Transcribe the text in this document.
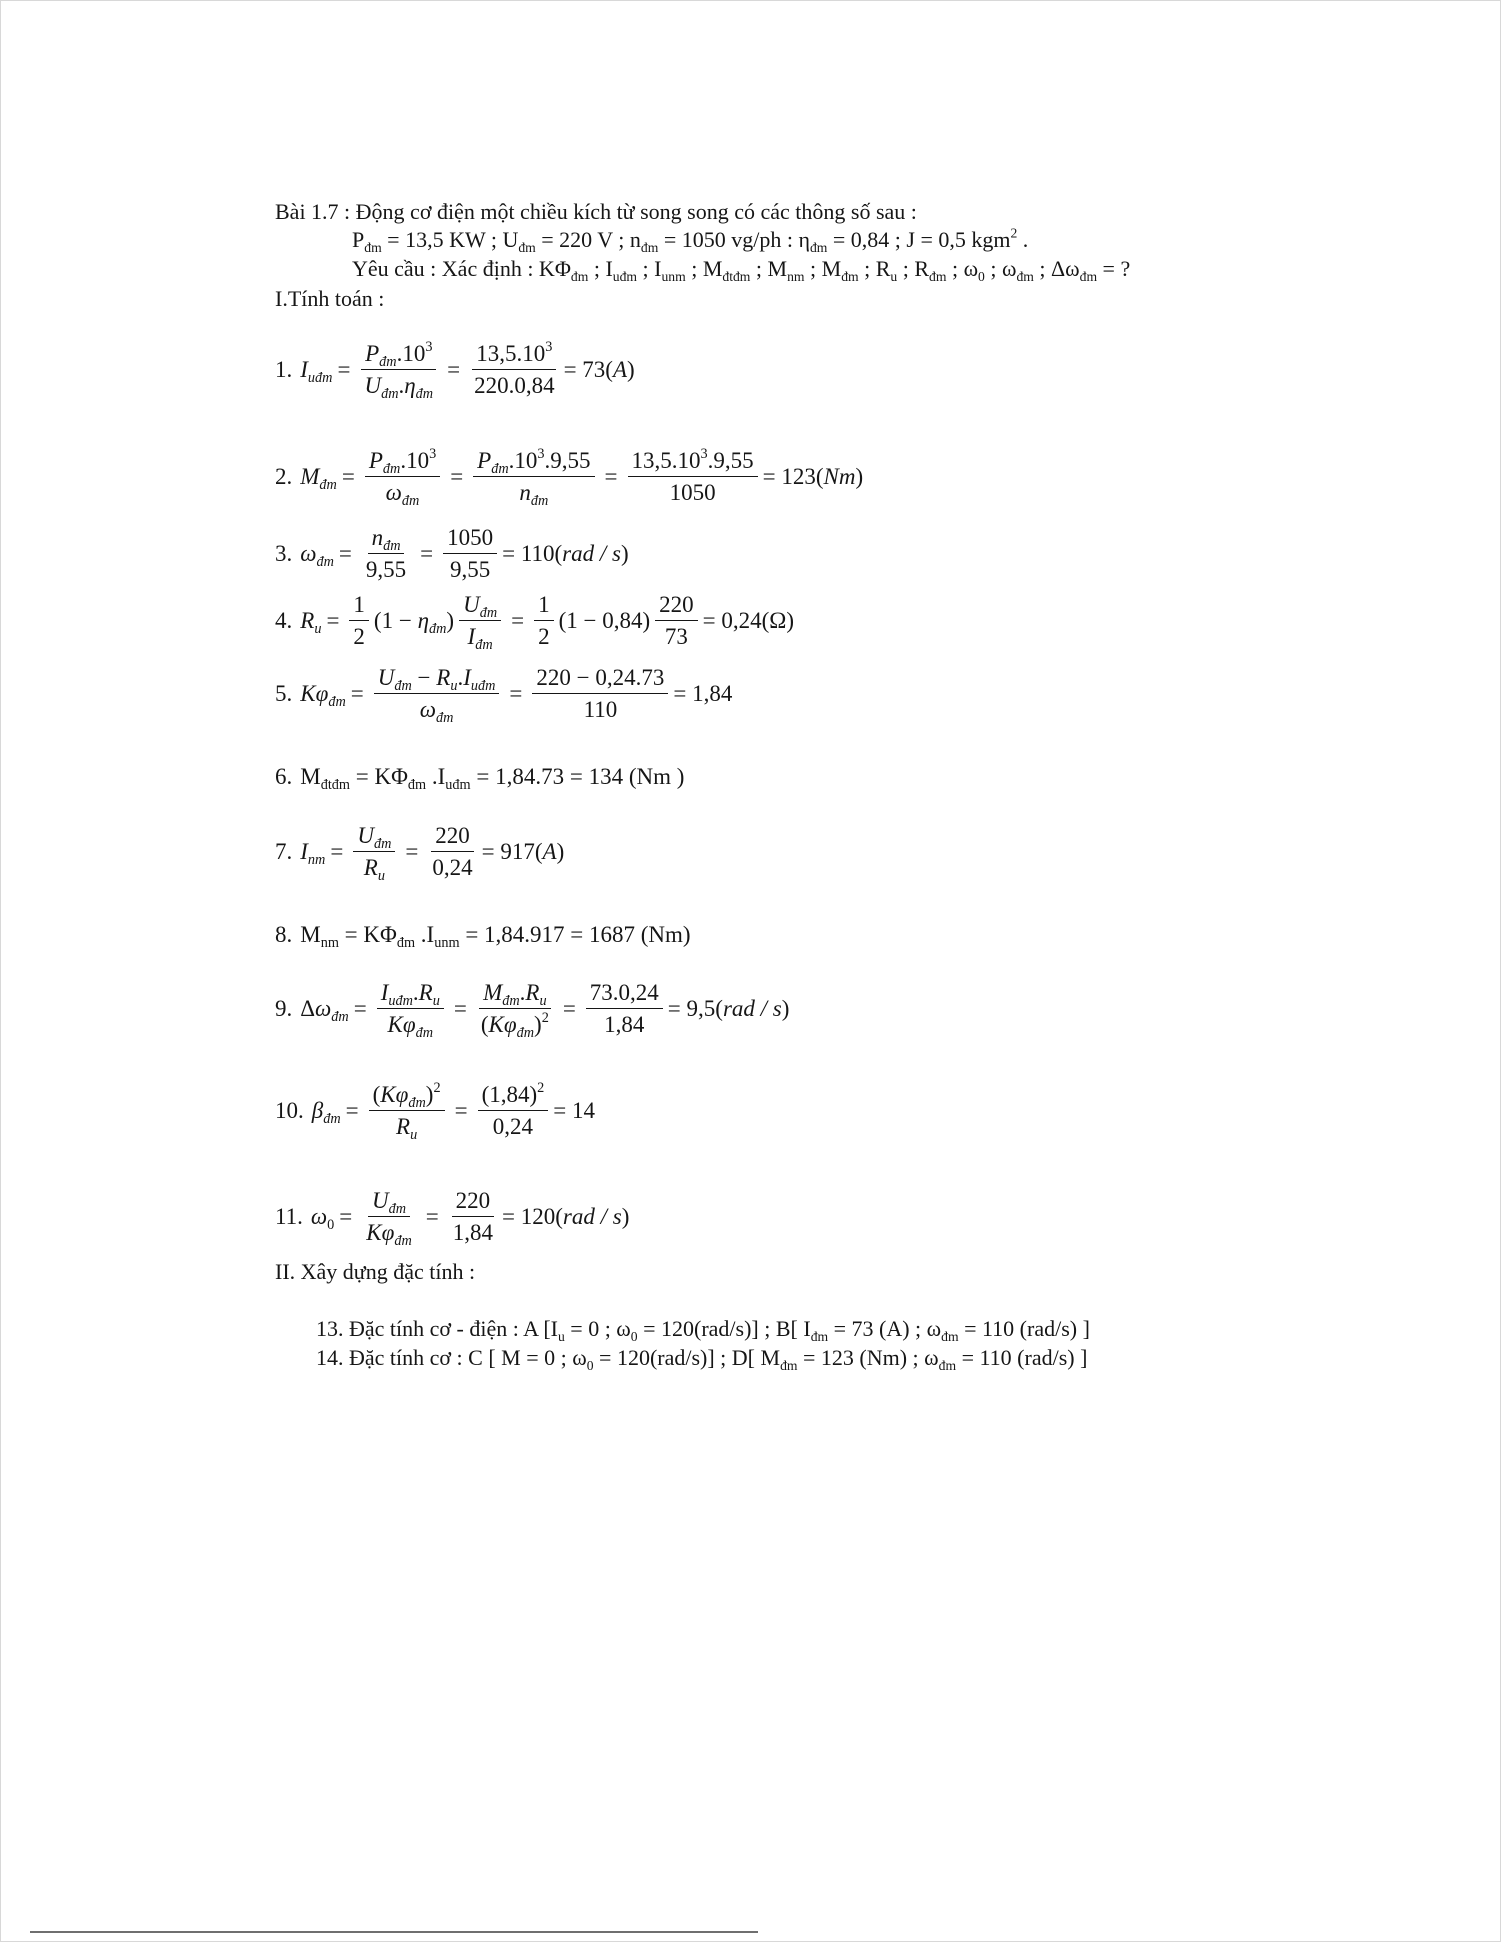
Bài 1.7 : Động cơ điện một chiều kích từ song song có các thông số sau :
$P_{đm} = 13,5$ KW ; $U_{đm} = 220$ V ; $n_{đm} = 1050$ vg/ph : $\eta_{đm} = 0,84$ ; J = 0,5 kgm$^2$ .
Yêu cầu : Xác định : $K\Phi_{đm}$ ; $I_{uđm}$ ; $I_{unm}$ ; $M_{đtđm}$ ; $M_{nm}$ ; $M_{đm}$ ; $R_u$ ; $R_{đm}$ ; $\omega_0$ ; $\omega_{đm}$ ; $\Delta\omega_{đm}$ = ?
I.Tính toán :
1. $I_{uđm} = \frac{P_{đm}.10^3}{U_{đm}.\eta_{đm}} = \frac{13,5.10^3}{220.0,84} = 73(A)$
2. $M_{đm} = \frac{P_{đm}.10^3}{\omega_{đm}} = \frac{P_{đm}.10^3.9,55}{n_{đm}} = \frac{13,5.10^3.9,55}{1050} = 123(Nm)$
3. $\omega_{đm} = \frac{n_{đm}}{9,55} = \frac{1050}{9,55} = 110(rad / s)$
4. $R_u = \frac{1}{2} (1 - \eta_{đm}) \frac{U_{đm}}{I_{đm}} = \frac{1}{2} (1 - 0,84) \frac{220}{73} = 0,24(\Omega)$
5. $K\varphi_{đm} = \frac{U_{đm} - R_u.I_{uđm}}{\omega_{đm}} = \frac{220 - 0,24.73}{110} = 1,84$
6. $M_{đtđm} = K\Phi_{đm}$ $.I_{uđm} = 1,84.73 = 134$ (Nm )
7. $I_{nm} = \frac{U_{đm}}{R_u} = \frac{220}{0,24} = 917(A)$
8. $M_{nm} = K\Phi_{đm}$ $.I_{unm} = 1,84.917 = 1687$ (Nm)
9. $\Delta\omega_{đm} = \frac{I_{uđm}.R_u}{K\varphi_{đm}} = \frac{M_{đm}.R_u}{(K\varphi_{đm})^2} = \frac{73.0,24}{1,84} = 9,5(rad / s)$
10. $\beta_{đm} = \frac{(K\varphi_{đm})^2}{R_u} = \frac{(1,84)^2}{0,24} = 14$
11. $\omega_0 = \frac{U_{đm}}{K\varphi_{đm}} = \frac{220}{1,84} = 120(rad / s)$
II. Xây dựng đặc tính :
13. Đặc tính cơ - điện : A [$I_u = 0$ ; $\omega_0 = 120(rad/s)$] ; B[ $I_{đm} = 73$ (A) ; $\omega_{đm} = 110$ (rad/s) ]
14. Đặc tính cơ : C [ M = 0 ; $\omega_0 = 120(rad/s)$] ; D[ $M_{đm} = 123$ (Nm) ; $\omega_{đm} = 110$ (rad/s) ]
